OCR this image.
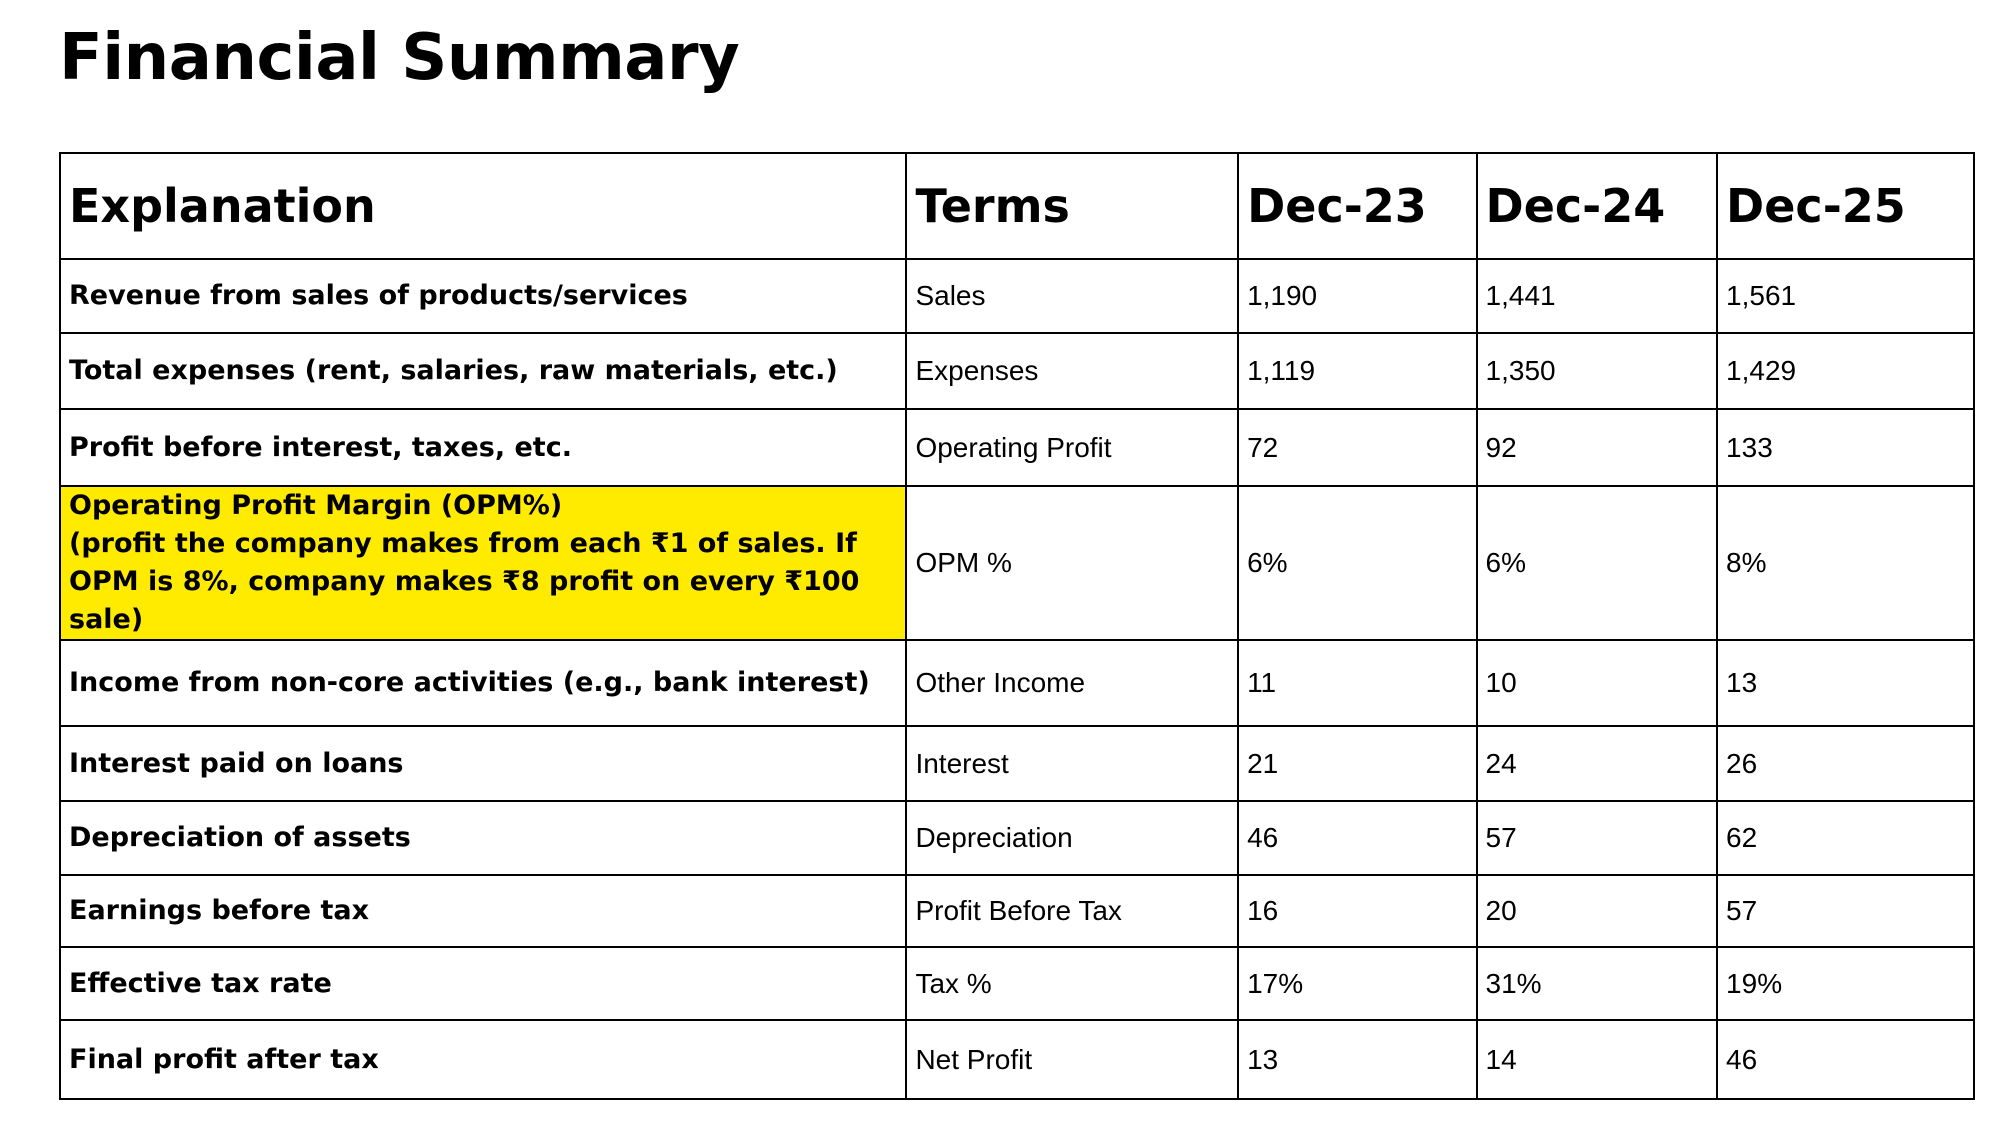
Financial Summary
Explanation	Terms	Dec-23	Dec-24	Dec-25
Revenue from sales of products/services	Sales	1,190	1,441	1,561
Total expenses (rent, salaries, raw materials, etc.)	Expenses	1,119	1,350	1,429
Profit before interest, taxes, etc.	Operating Profit	72	92	133

Operating Profit Margin (OPM%)
(profit the company makes from each ₹1 of sales. If OPM is 8%, company makes ₹8 profit on every ₹100 sale)	OPM %	6%	6%	8%
Income from non-core activities (e.g., bank interest)	Other Income	11	10	13
Interest paid on loans	Interest	21	24	26
Depreciation of assets	Depreciation	46	57	62
Earnings before tax	Profit Before Tax	16	20	57
Effective tax rate	Tax %	17%	31%	19%
Final profit after tax	Net Profit	13	14	46
